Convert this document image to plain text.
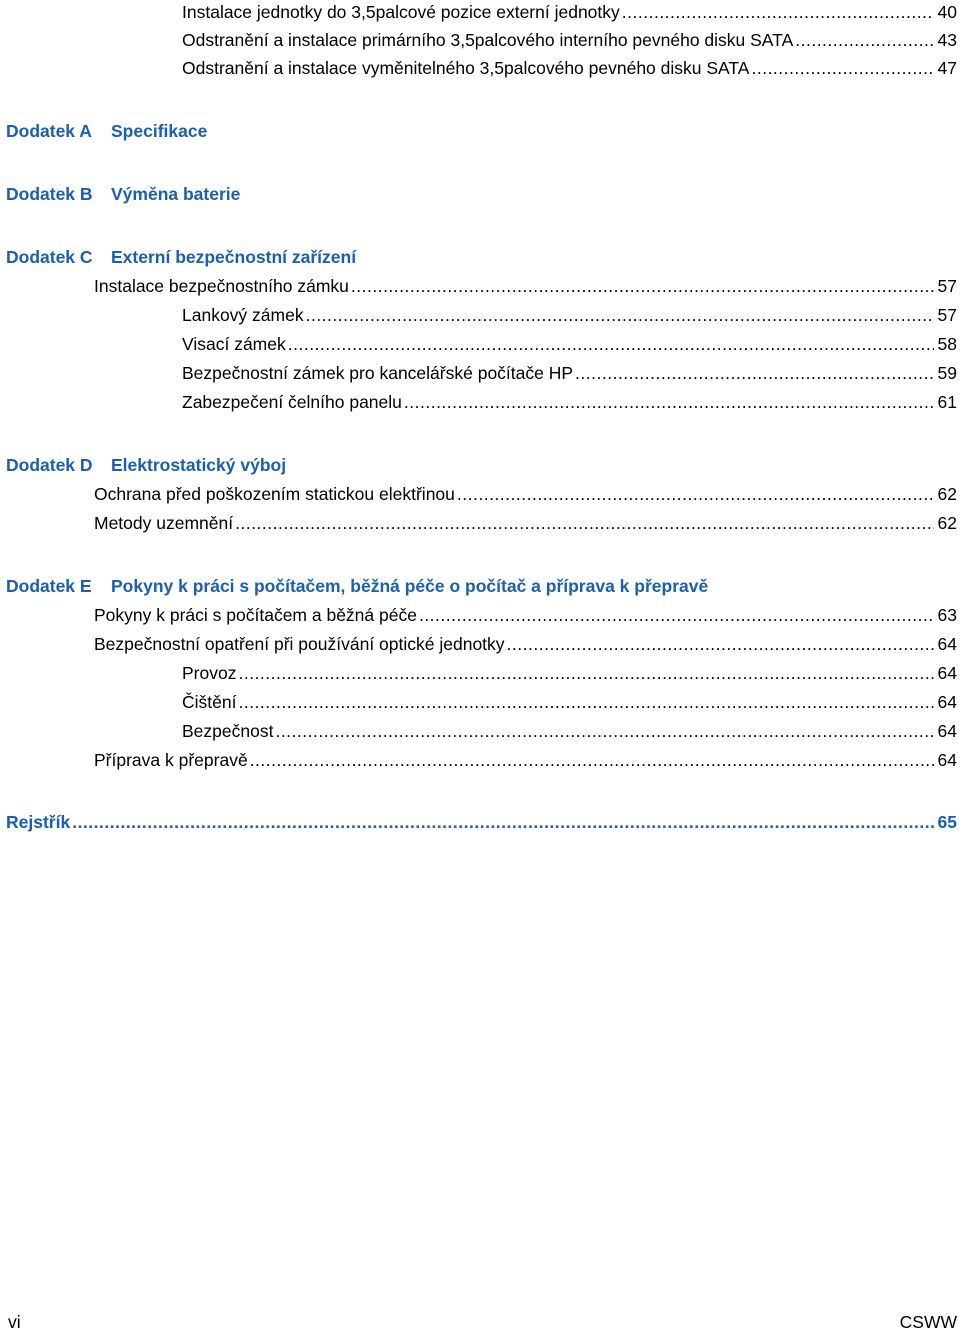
Instalace jednotky do 3,5palcové pozice externí jednotky .....	40
Odstranění a instalace primárního 3,5palcového interního pevného disku SATA .....	43
Odstranění a instalace vyměnitelného 3,5palcového pevného disku SATA .....	47
Dodatek A	Specifikace
Dodatek B	Výměna baterie
Dodatek C	Externí bezpečnostní zařízení
Instalace bezpečnostního zámku .....	57
Lankový zámek .....	57
Visací zámek .....	58
Bezpečnostní zámek pro kancelářské počítače HP .....	59
Zabezpečení čelního panelu .....	61
Dodatek D	Elektrostatický výboj
Ochrana před poškozením statickou elektřinou .....	62
Metody uzemnění .....	62
Dodatek E	Pokyny k práci s počítačem, běžná péče o počítač a příprava k přepravě
Pokyny k práci s počítačem a běžná péče .....	63
Bezpečnostní opatření při používání optické jednotky .....	64
Provoz .....	64
Čištění .....	64
Bezpečnost .....	64
Příprava k přepravě .....	64
Rejstřík .....	65
vi	CSWW
